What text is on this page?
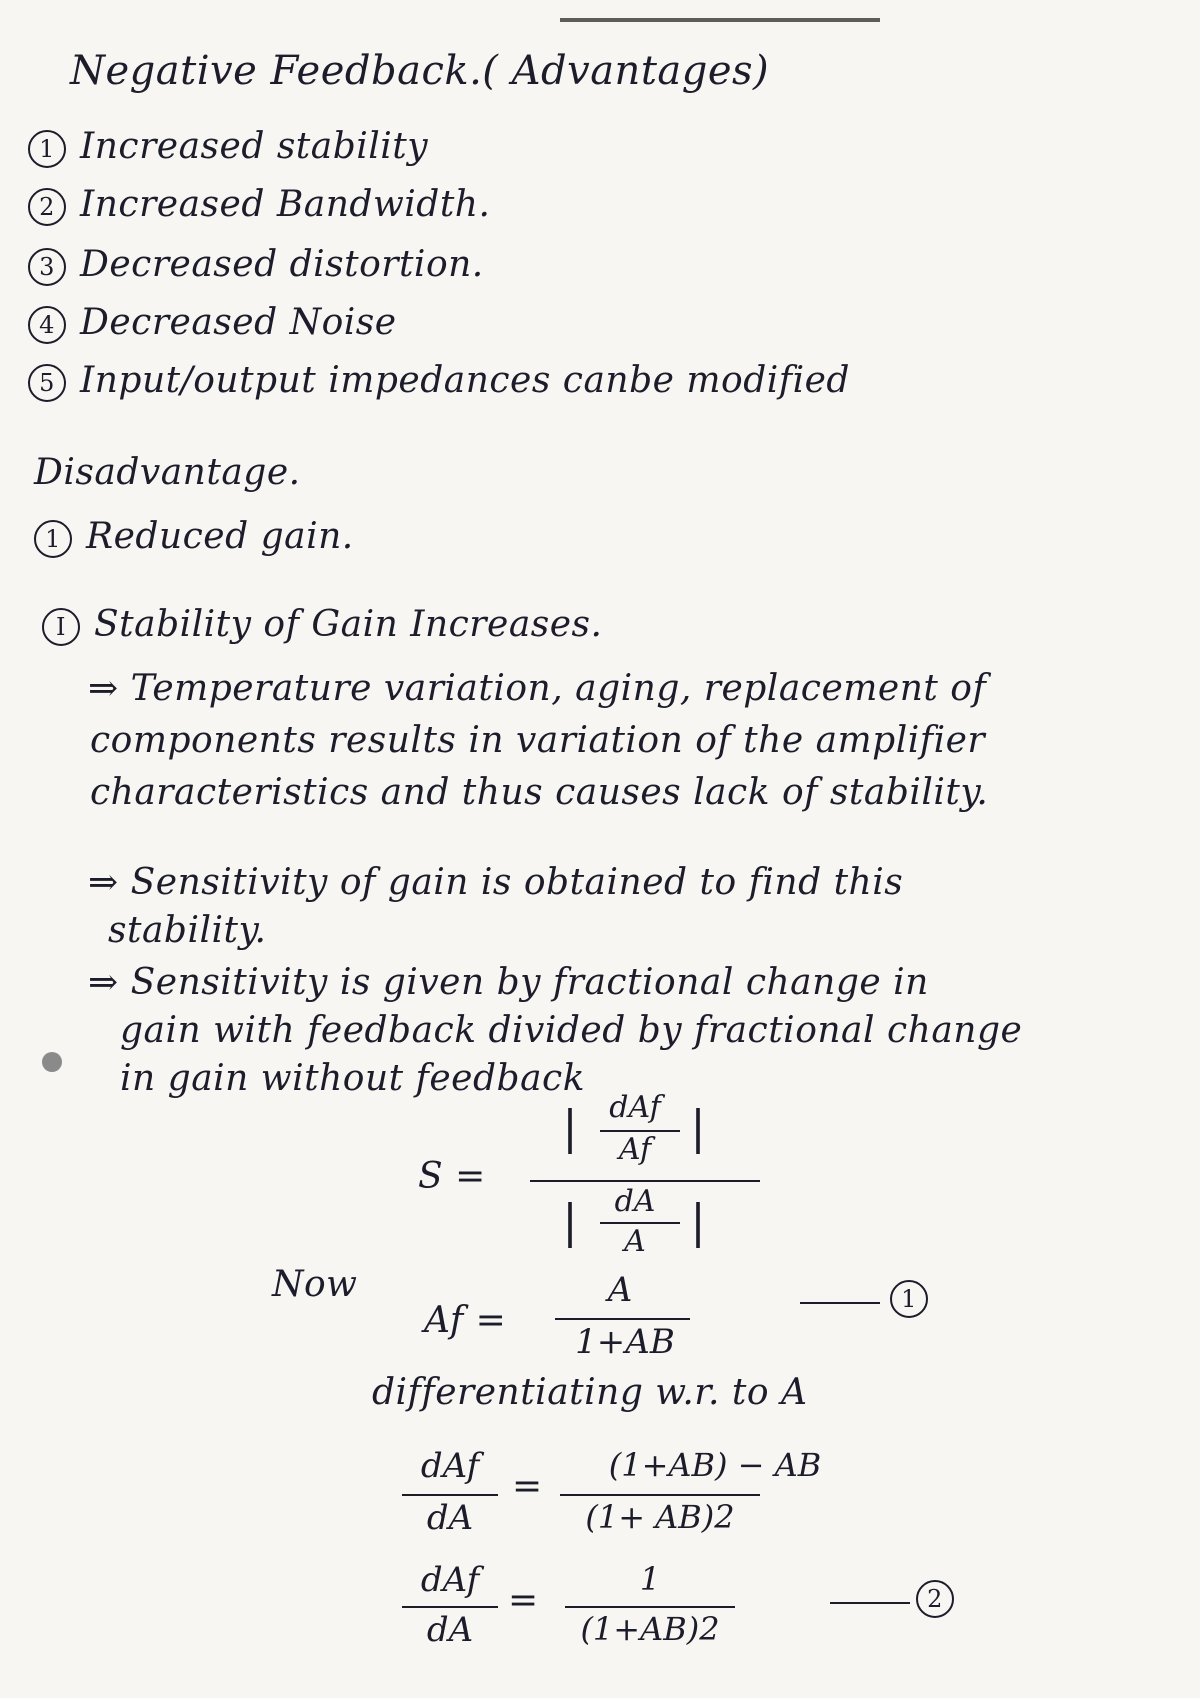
Negative Feedback.( Advantages)
1 Increased stability
2 Increased Bandwidth.
3 Decreased distortion.
4 Decreased Noise
5 Input/output impedances canbe modified
Disadvantage.
1 Reduced gain.
I Stability of Gain Increases.
⇒ Temperature variation, aging, replacement of
components results in variation of the amplifier
characteristics and thus causes lack of stability.
⇒ Sensitivity of gain is obtained to find this
stability.
⇒ Sensitivity is given by fractional change in
gain with feedback divided by fractional change
in gain without feedback
S =
dAf
Af
| |
dA
A
| |
Now
Af =
A
1+AB
1
differentiating w.r. to A
dAf
dA
=
(1+AB) − AB
(1+ AB)2
dAf
dA
=
1
(1+AB)2
2
